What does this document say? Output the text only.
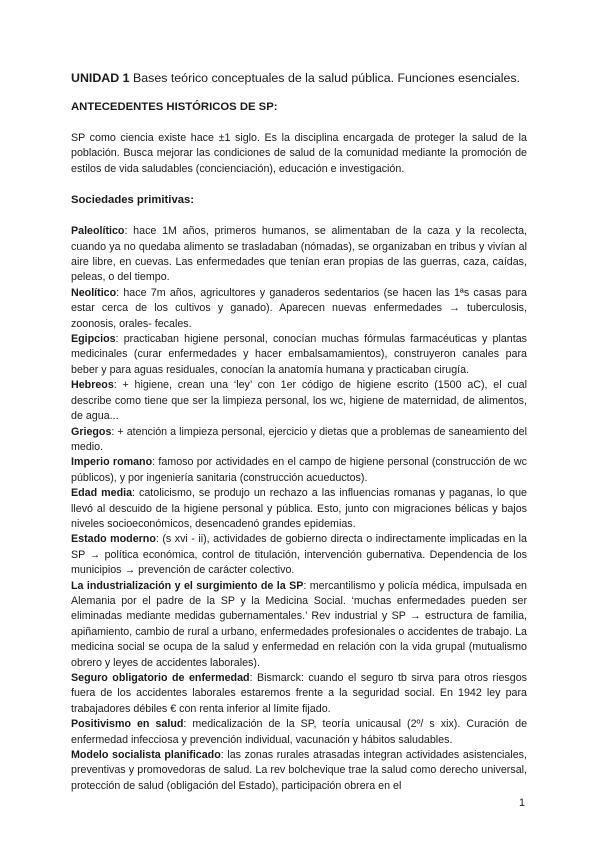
UNIDAD 1 Bases teórico conceptuales de la salud pública. Funciones esenciales.
ANTECEDENTES HISTÓRICOS DE SP:

SP como ciencia existe hace ±1 siglo. Es la disciplina encargada de proteger la salud de la población. Busca mejorar las condiciones de salud de la comunidad mediante la promoción de estilos de vida saludables (concienciación), educación e investigación.

Sociedades primitivas:

Paleolítico: hace 1M años, primeros humanos, se alimentaban de la caza y la recolecta, cuando ya no quedaba alimento se trasladaban (nómadas), se organizaban en tribus y vivían al aire libre, en cuevas. Las enfermedades que tenían eran propias de las guerras, caza, caídas, peleas, o del tiempo.

Neolítico: hace 7m años, agricultores y ganaderos sedentarios (se hacen las 1ªs casas para estar cerca de los cultivos y ganado). Aparecen nuevas enfermedades → tuberculosis, zoonosis, orales- fecales.

Egipcios: practicaban higiene personal, conocían muchas fórmulas farmacéuticas y plantas medicinales (curar enfermedades y hacer embalsamamientos), construyeron canales para beber y para aguas residuales, conocían la anatomía humana y practicaban cirugía.

Hebreos: + higiene, crean una ‘ley’ con 1er código de higiene escrito (1500 aC), el cual describe como tiene que ser la limpieza personal, los wc, higiene de maternidad, de alimentos, de agua...

Griegos: + atención a limpieza personal, ejercicio y dietas que a problemas de saneamiento del medio.

Imperio romano: famoso por actividades en el campo de higiene personal (construcción de wc públicos), y por ingeniería sanitaria (construcción acueductos).

Edad media: catolicismo, se produjo un rechazo a las influencias romanas y paganas, lo que llevó al descuido de la higiene personal y pública. Esto, junto con migraciones bélicas y bajos niveles socioeconómicos, desencadenó grandes epidemias.

Estado moderno: (s xvi - ii), actividades de gobierno directa o indirectamente implicadas en la SP → política económica, control de titulación, intervención gubernativa. Dependencia de los municipios → prevención de carácter colectivo.

La industrialización y el surgimiento de la SP: mercantilismo y policía médica, impulsada en Alemania por el padre de la SP y la Medicina Social. ‘muchas enfermedades pueden ser eliminadas mediante medidas gubernamentales.’ Rev industrial y SP → estructura de familia, apiñamiento, cambio de rural a urbano, enfermedades profesionales o accidentes de trabajo. La medicina social se ocupa de la salud y enfermedad en relación con la vida grupal (mutualismo obrero y leyes de accidentes laborales).

Seguro obligatorio de enfermedad: Bismarck: cuando el seguro tb sirva para otros riesgos fuera de los accidentes laborales estaremos frente a la seguridad social. En 1942 ley para trabajadores débiles € con renta inferior al límite fijado.

Positivismo en salud: medicalización de la SP, teoría unicausal (2º/ s xix). Curación de enfermedad infecciosa y prevención individual, vacunación y hábitos saludables.

Modelo socialista planificado: las zonas rurales atrasadas integran actividades asistenciales, preventivas y promovedoras de salud. La rev bolchevique trae la salud como derecho universal, protección de salud (obligación del Estado), participación obrera en el

1
